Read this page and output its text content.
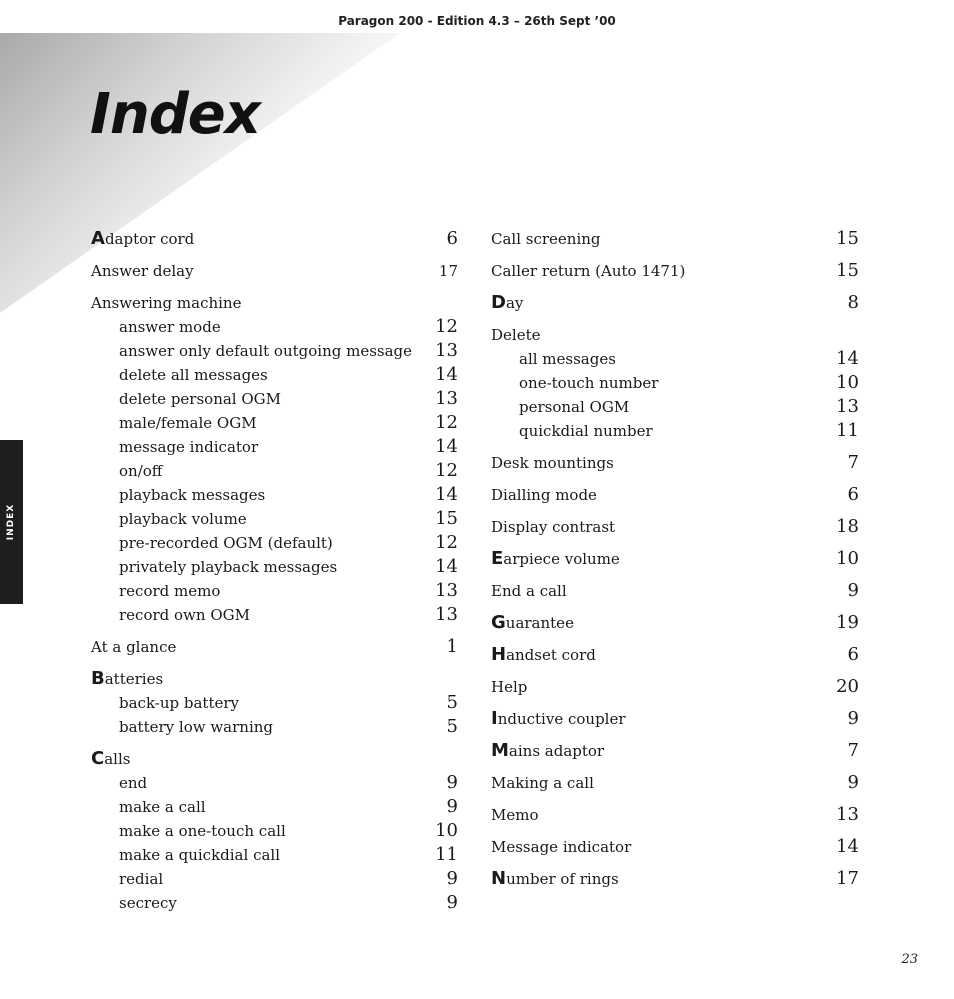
Paragon 200 - Edition 4.3 – 26th Sept ’00
Index
INDEX
Adaptor cord	6
Answer delay	17
Answering machine
answer mode	12
answer only default outgoing message 13
delete all messages	14
delete personal OGM	13
male/female OGM	12
message indicator	14
on/off	12
playback messages	14
playback volume	15
pre-recorded OGM (default)	12
privately playback messages	14
record memo	13
record own OGM	13
At a glance	1
Batteries
back-up battery	5
battery low warning	5
Calls
end	9
make a call	9
make a one-touch call	10
make a quickdial call	11
redial	9
secrecy	9
Call screening	15
Caller return (Auto 1471)	15
Day	8
Delete
all messages	14
one-touch number	10
personal OGM	13
quickdial number	11
Desk mountings	7
Dialling mode	6
Display contrast	18
Earpiece volume	10
End a call	9
Guarantee	19
Handset cord	6
Help	20
Inductive coupler	9
Mains adaptor	7
Making a call	9
Memo	13
Message indicator	14
Number of rings	17
23
